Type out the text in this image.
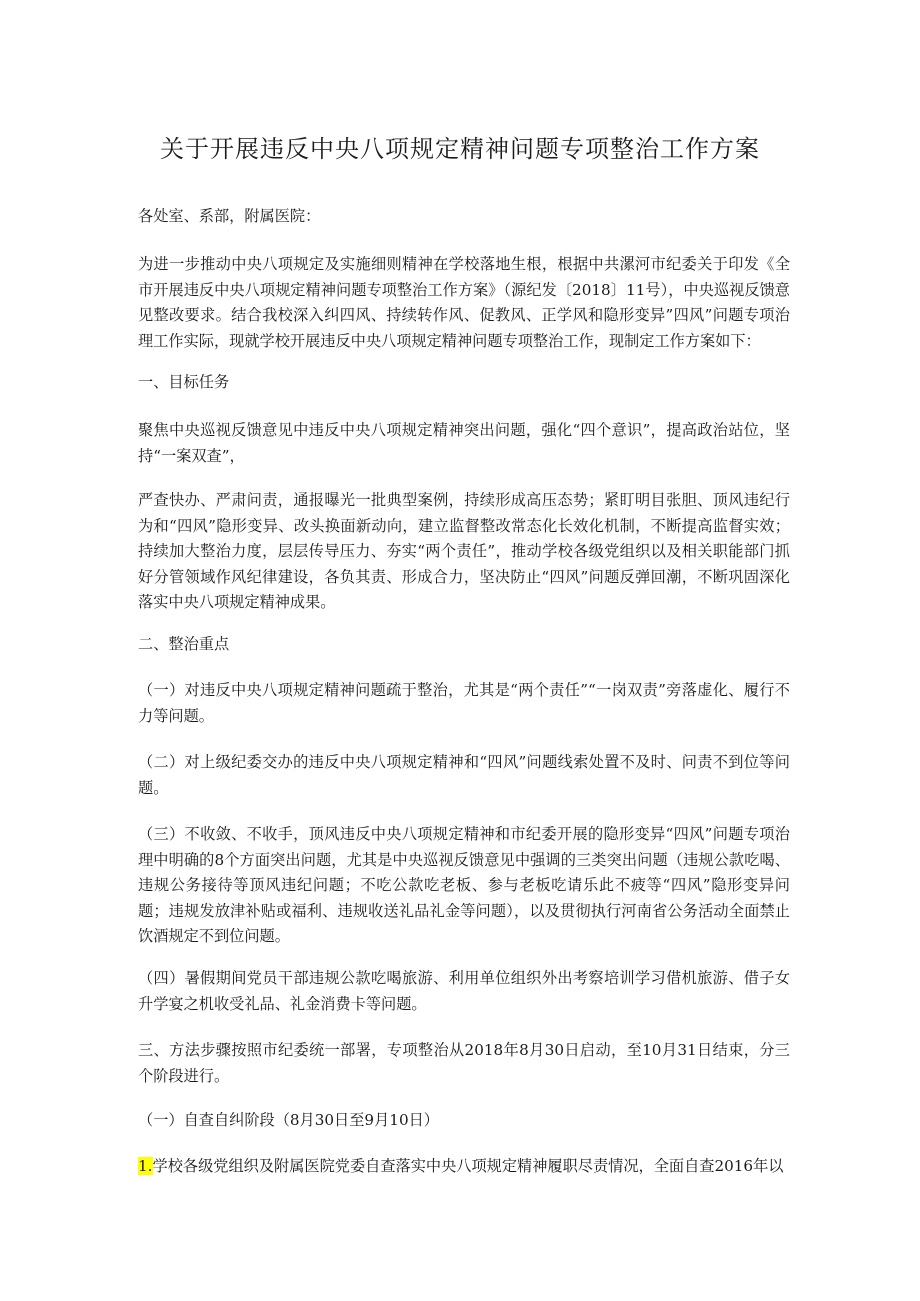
关于开展违反中央八项规定精神问题专项整治工作方案

各处室、系部，附属医院：

为进一步推动中央八项规定及实施细则精神在学校落地生根，根据中共漯河市纪委关于印发《全市开展违反中央八项规定精神问题专项整治工作方案》（源纪发〔2018〕11号），中央巡视反馈意见整改要求。结合我校深入纠四风、持续转作风、促教风、正学风和隐形变异”四风”问题专项治理工作实际，现就学校开展违反中央八项规定精神问题专项整治工作，现制定工作方案如下：

一、目标任务

聚焦中央巡视反馈意见中违反中央八项规定精神突出问题，强化“四个意识”，提高政治站位，坚持“一案双查”，

严查快办、严肃问责，通报曝光一批典型案例，持续形成高压态势；紧盯明目张胆、顶风违纪行为和“四风”隐形变异、改头换面新动向，建立监督整改常态化长效化机制，不断提高监督实效；持续加大整治力度，层层传导压力、夯实“两个责任”，推动学校各级党组织以及相关职能部门抓好分管领域作风纪律建设，各负其责、形成合力，坚决防止“四风”问题反弹回潮，不断巩固深化落实中央八项规定精神成果。

二、整治重点

（一）对违反中央八项规定精神问题疏于整治，尤其是“两个责任”“一岗双责”旁落虚化、履行不力等问题。

（二）对上级纪委交办的违反中央八项规定精神和“四风”问题线索处置不及时、问责不到位等问题。

（三）不收敛、不收手，顶风违反中央八项规定精神和市纪委开展的隐形变异“四风”问题专项治理中明确的8个方面突出问题，尤其是中央巡视反馈意见中强调的三类突出问题（违规公款吃喝、违规公务接待等顶风违纪问题；不吃公款吃老板、参与老板吃请乐此不疲等“四风”隐形变异问题；违规发放津补贴或福利、违规收送礼品礼金等问题），以及贯彻执行河南省公务活动全面禁止饮酒规定不到位问题。

（四）暑假期间党员干部违规公款吃喝旅游、利用单位组织外出考察培训学习借机旅游、借子女升学宴之机收受礼品、礼金消费卡等问题。

三、方法步骤按照市纪委统一部署，专项整治从2018年8月30日启动，至10月31日结束，分三个阶段进行。

（一）自查自纠阶段（8月30日至9月10日）

1.学校各级党组织及附属医院党委自查落实中央八项规定精神履职尽责情况，全面自查2016年以
